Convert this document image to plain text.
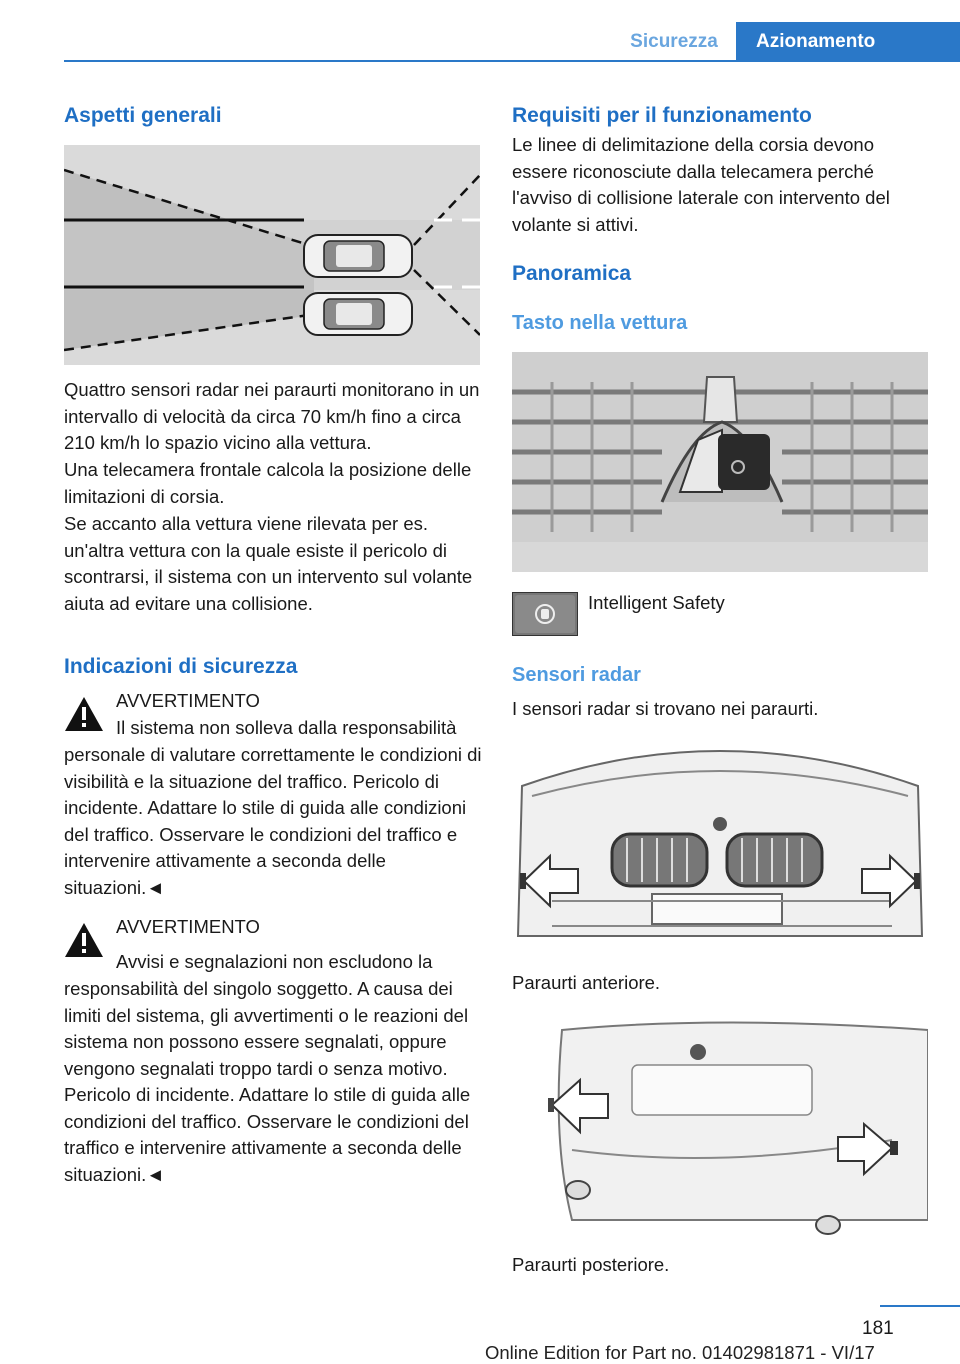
Sicurezza	Azionamento
Aspetti generali
Quattro sensori radar nei paraurti monitorano in un intervallo di velocità da circa 70 km/h fino a circa 210 km/h lo spazio vicino alla vettura.
Una telecamera frontale calcola la posizione delle limitazioni di corsia.
Se accanto alla vettura viene rilevata per es. un'altra vettura con la quale esiste il pericolo di scontrarsi, il sistema con un intervento sul volante aiuta ad evitare una collisione.
Indicazioni di sicurezza
AVVERTIMENTO
Il sistema non solleva dalla responsabilità
personale di valutare correttamente le condizioni di visibilità e la situazione del traffico. Pericolo di incidente. Adattare lo stile di guida alle condizioni del traffico. Osservare le condizioni del traffico e intervenire attivamente a seconda delle situazioni.◄
AVVERTIMENTO
Avvisi e segnalazioni non escludono la
responsabilità del singolo soggetto. A causa dei limiti del sistema, gli avvertimenti o le reazioni del sistema non possono essere segnalati, oppure vengono segnalati troppo tardi o senza motivo. Pericolo di incidente. Adattare lo stile di guida alle condizioni del traffico. Osservare le condizioni del traffico e intervenire attivamente a seconda delle situazioni.◄
Requisiti per il funzionamento
Le linee di delimitazione della corsia devono essere riconosciute dalla telecamera perché l'avviso di collisione laterale con intervento del volante si attivi.
Panoramica
Tasto nella vettura
Intelligent Safety
Sensori radar
I sensori radar si trovano nei paraurti.
Paraurti anteriore.
Paraurti posteriore.
181
Online Edition for Part no. 01402981871 - VI/17
